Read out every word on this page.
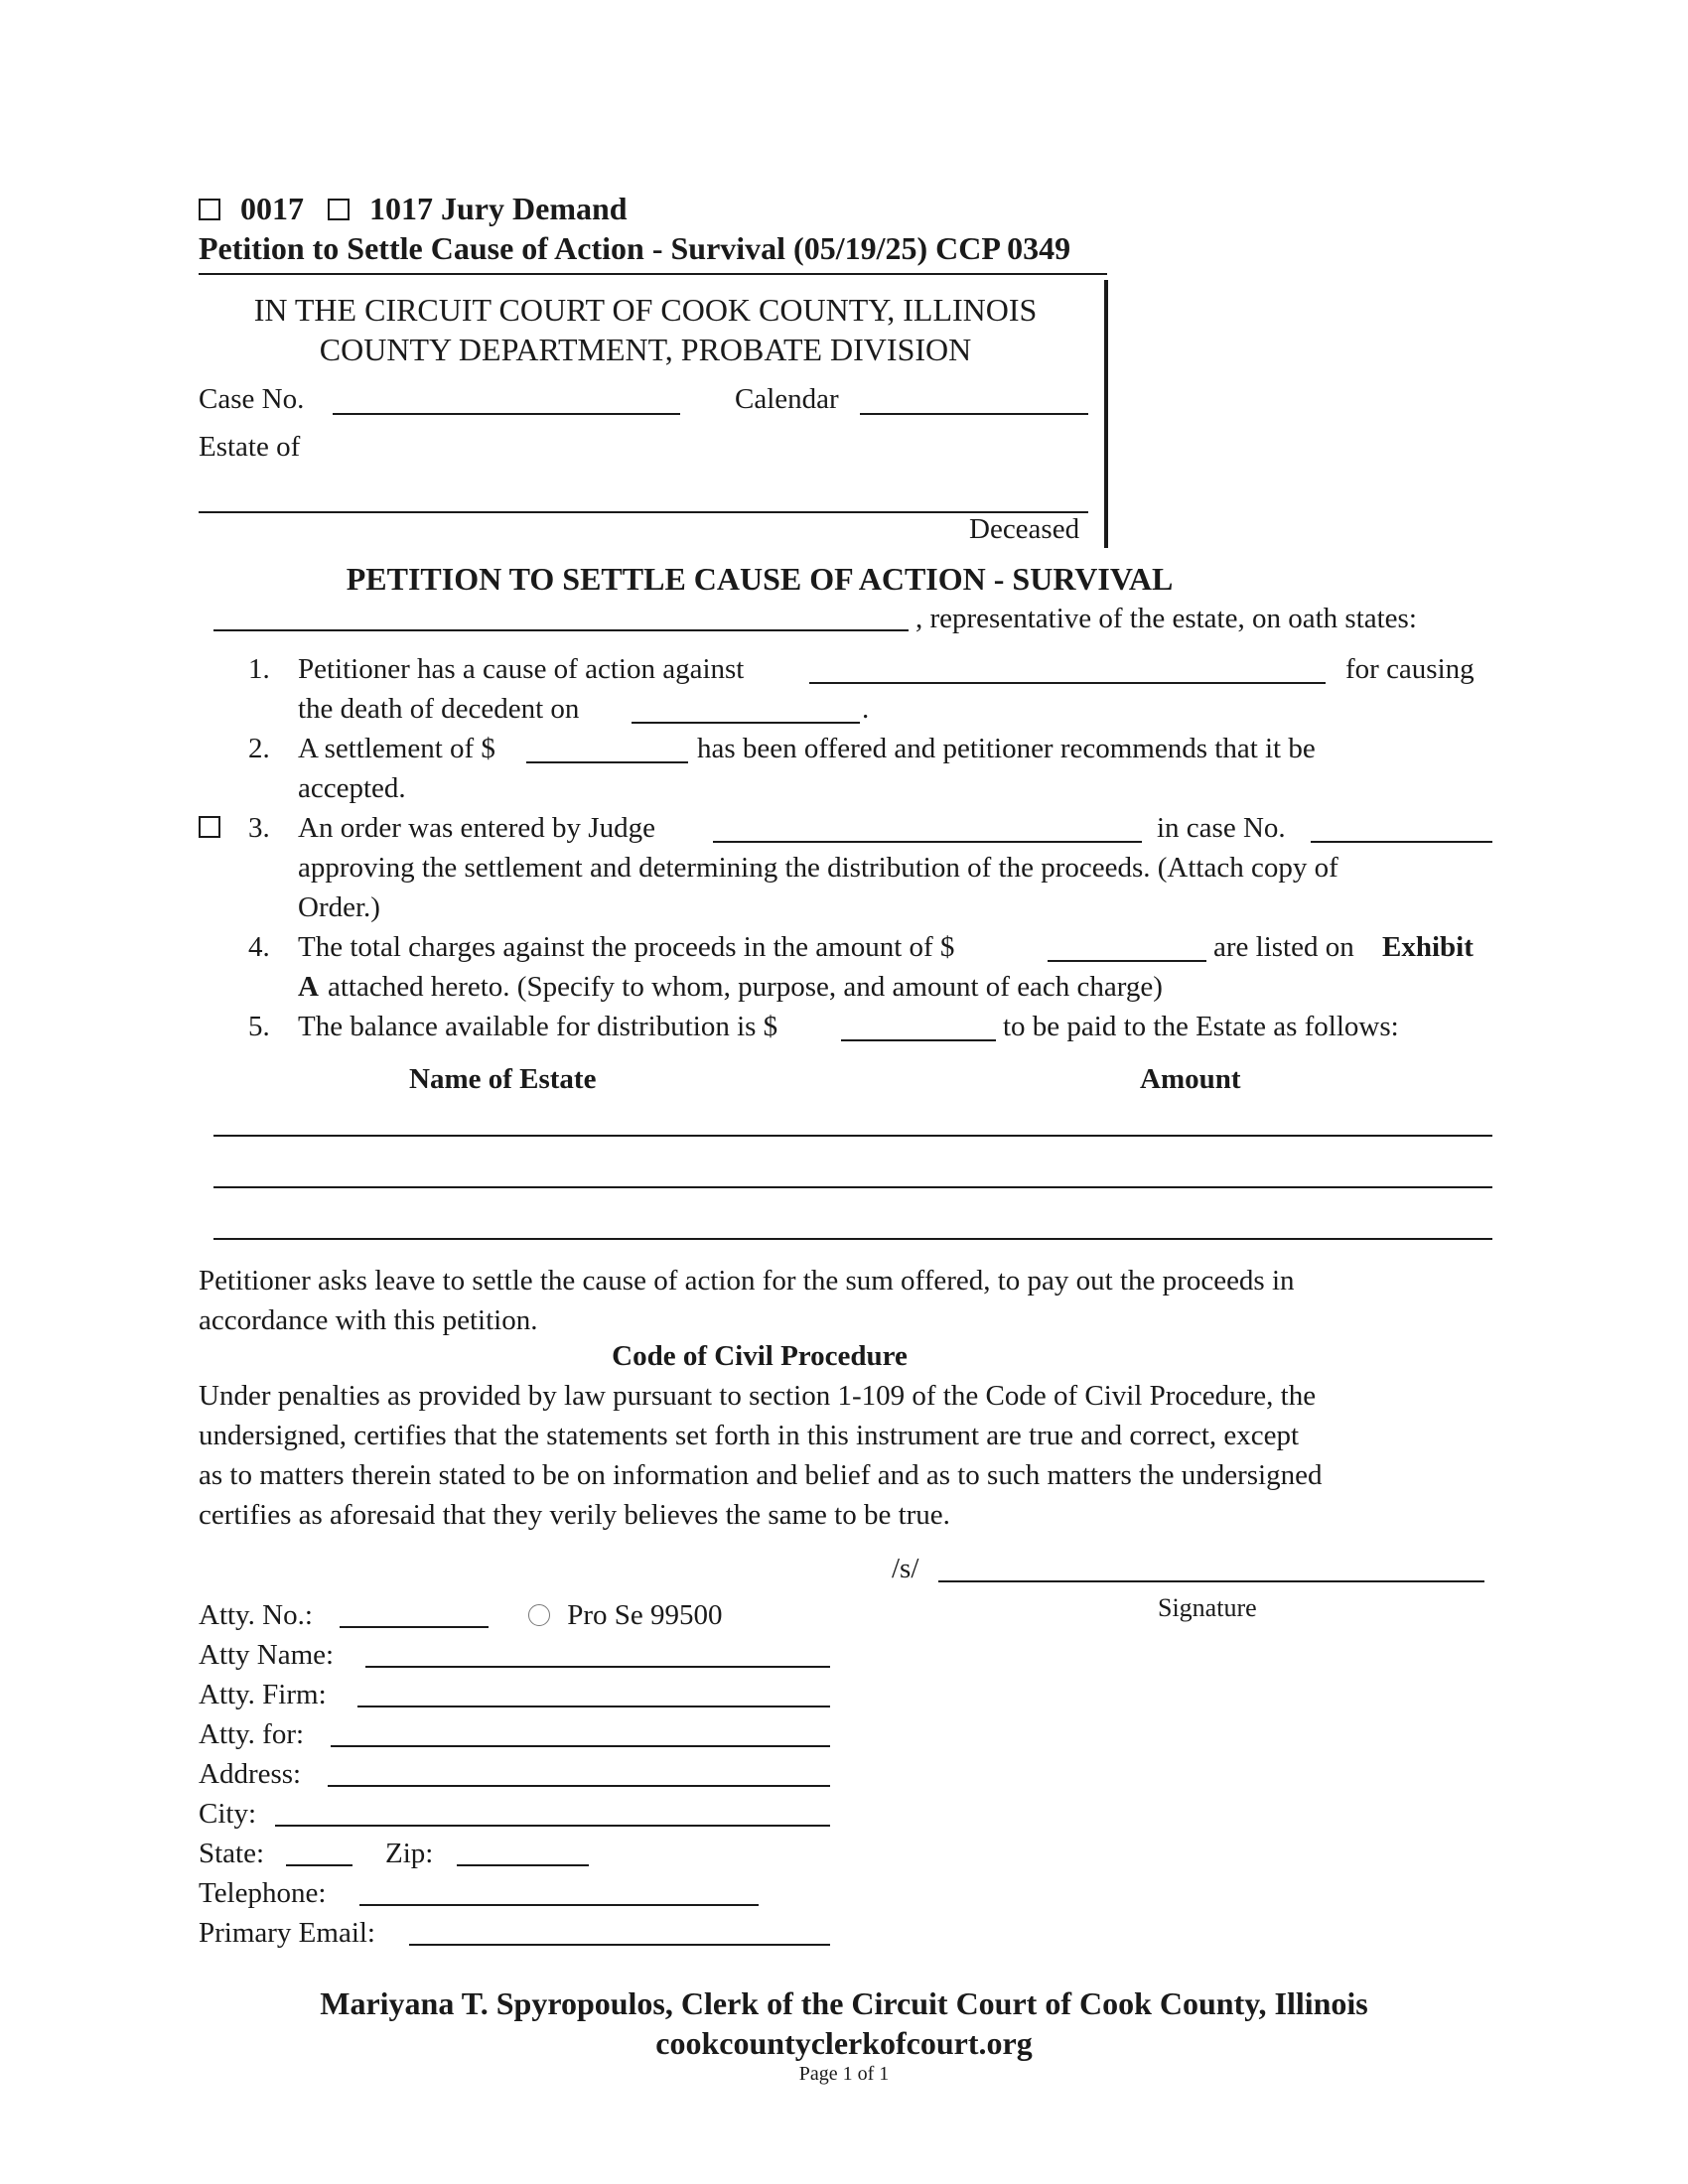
0017	1017 Jury Demand
Petition to Settle Cause of Action - Survival (05/19/25) CCP 0349
IN THE CIRCUIT COURT OF COOK COUNTY, ILLINOIS
COUNTY DEPARTMENT, PROBATE DIVISION
Case No.	Calendar
Estate of
Deceased
PETITION TO SETTLE CAUSE OF ACTION - SURVIVAL
, representative of the estate, on oath states:
1. Petitioner has a cause of action against	for causing
the death of decedent on	.
2. A settlement of $	has been offered and petitioner recommends that it be
accepted.
3. An order was entered by Judge	in case No.
approving the settlement and determining the distribution of the proceeds. (Attach copy of
Order.)
4. The total charges against the proceeds in the amount of $	are listed on Exhibit
A attached hereto. (Specify to whom, purpose, and amount of each charge)
5. The balance available for distribution is $	to be paid to the Estate as follows:
Name of Estate	Amount
Petitioner asks leave to settle the cause of action for the sum offered, to pay out the proceeds in
accordance with this petition.
Code of Civil Procedure
Under penalties as provided by law pursuant to section 1-109 of the Code of Civil Procedure, the
undersigned, certifies that the statements set forth in this instrument are true and correct, except
as to matters therein stated to be on information and belief and as to such matters the undersigned
certifies as aforesaid that they verily believes the same to be true.
/s/
Signature
Atty. No.:	Pro Se 99500
Atty Name:
Atty. Firm:
Atty. for:
Address:
City:
State:	Zip:
Telephone:
Primary Email:
Mariyana T. Spyropoulos, Clerk of the Circuit Court of Cook County, Illinois
cookcountyclerkofcourt.org
Page 1 of 1
